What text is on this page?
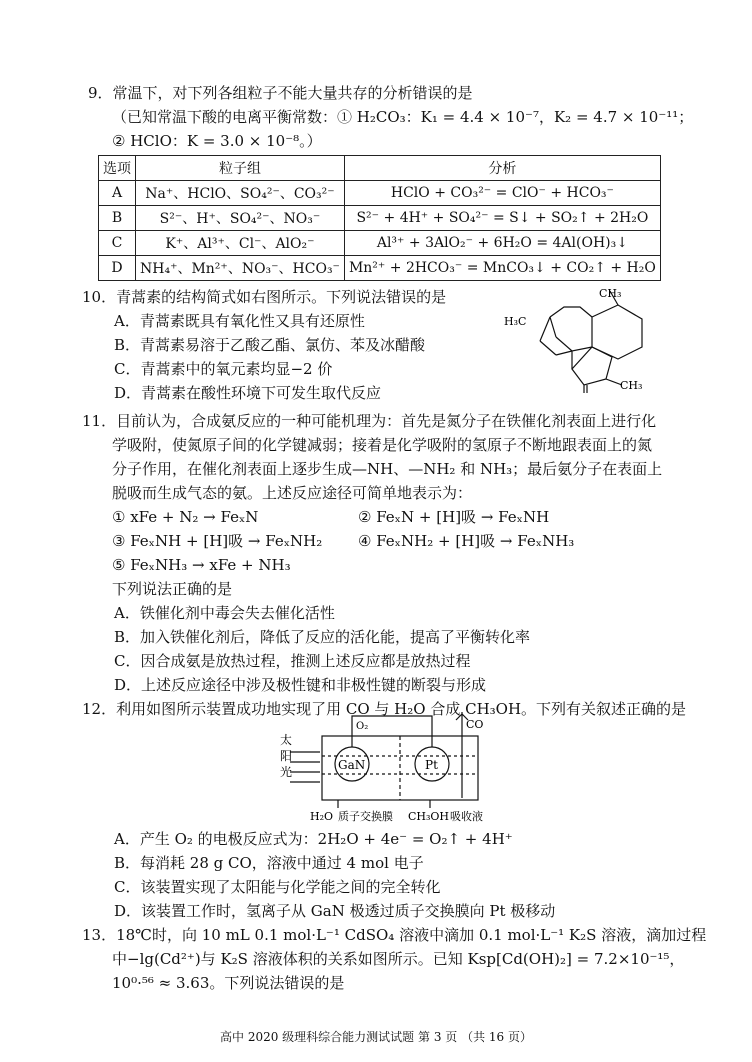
9．常温下，对下列各组粒子不能大量共存的分析错误的是
（已知常温下酸的电离平衡常数：① H₂CO₃：K₁ = 4.4 × 10⁻⁷，K₂ = 4.7 × 10⁻¹¹；
② HClO：K = 3.0 × 10⁻⁸。）
选项	粒子组	分析
A	Na⁺、HClO、SO₄²⁻、CO₃²⁻	HClO + CO₃²⁻ = ClO⁻ + HCO₃⁻
B	S²⁻、H⁺、SO₄²⁻、NO₃⁻	S²⁻ + 4H⁺ + SO₄²⁻ = S↓ + SO₂↑ + 2H₂O
C	K⁺、Al³⁺、Cl⁻、AlO₂⁻	Al³⁺ + 3AlO₂⁻ + 6H₂O = 4Al(OH)₃↓
D	NH₄⁺、Mn²⁺、NO₃⁻、HCO₃⁻	Mn²⁺ + 2HCO₃⁻ = MnCO₃↓ + CO₂↑ + H₂O
10．青蒿素的结构简式如右图所示。下列说法错误的是
A．青蒿素既具有氧化性又具有还原性
B．青蒿素易溶于乙酸乙酯、氯仿、苯及冰醋酸
C．青蒿素中的氧元素均显−2 价
D．青蒿素在酸性环境下可发生取代反应
CH₃
H₃C
CH₃
11．目前认为，合成氨反应的一种可能机理为：首先是氮分子在铁催化剂表面上进行化
学吸附，使氮原子间的化学键减弱；接着是化学吸附的氢原子不断地跟表面上的氮
分子作用，在催化剂表面上逐步生成—NH、—NH₂ 和 NH₃；最后氨分子在表面上
脱吸而生成气态的氨。上述反应途径可简单地表示为：
① xFe + N₂ → FeₓN	② FeₓN + [H]吸 → FeₓNH
③ FeₓNH + [H]吸 → FeₓNH₂ ④ FeₓNH₂ + [H]吸 → FeₓNH₃
⑤ FeₓNH₃ → xFe + NH₃
下列说法正确的是
A．铁催化剂中毒会失去催化活性
B．加入铁催化剂后，降低了反应的活化能，提高了平衡转化率
C．因合成氨是放热过程，推测上述反应都是放热过程
D．上述反应途径中涉及极性键和非极性键的断裂与形成
12．利用如图所示装置成功地实现了用 CO 与 H₂O 合成 CH₃OH。下列有关叙述正确的是
O₂	CO
太
阳
光	GaN	Pt
H₂O 质子交换膜 CH₃OH 吸收液
A．产生 O₂ 的电极反应式为：2H₂O + 4e⁻ = O₂↑ + 4H⁺
B．每消耗 28 g CO，溶液中通过 4 mol 电子
C．该装置实现了太阳能与化学能之间的完全转化
D．该装置工作时，氢离子从 GaN 极透过质子交换膜向 Pt 极移动
13．18℃时，向 10 mL 0.1 mol·L⁻¹ CdSO₄ 溶液中滴加 0.1 mol·L⁻¹ K₂S 溶液，滴加过程
中−lg(Cd²⁺)与 K₂S 溶液体积的关系如图所示。已知 Ksp[Cd(OH)₂] = 7.2×10⁻¹⁵，
10⁰·⁵⁶ ≈ 3.63。下列说法错误的是
高中 2020 级理科综合能力测试试题 第 3 页 （共 16 页）
